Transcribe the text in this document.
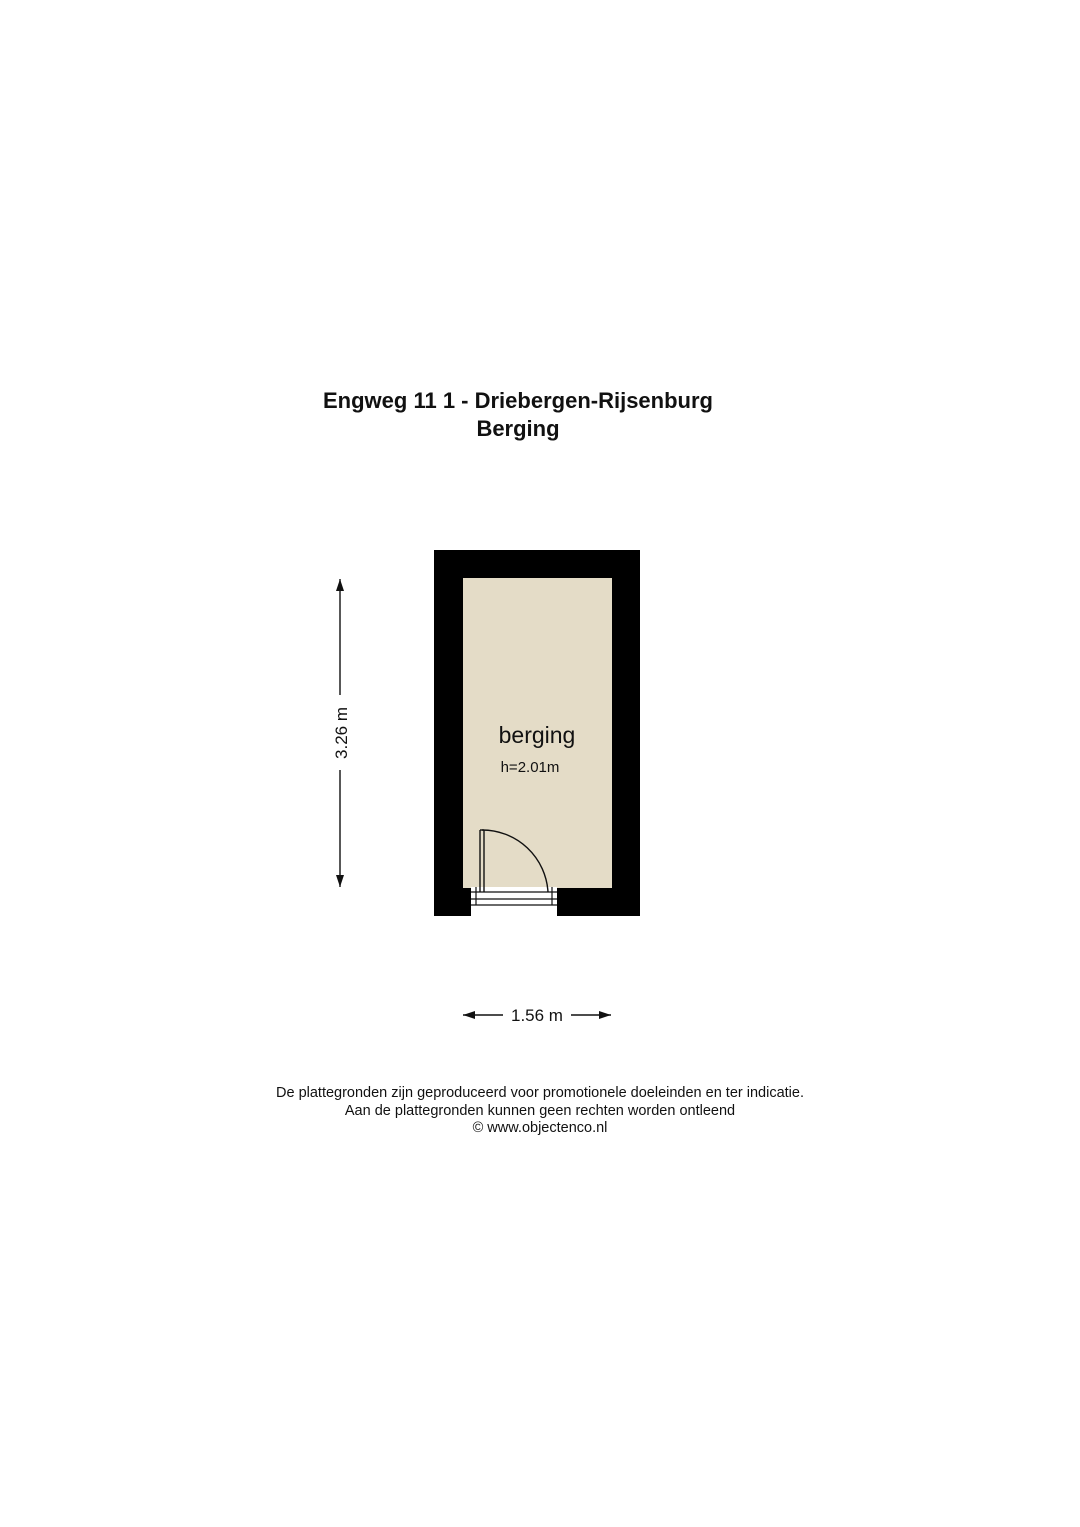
Engweg 11 1 - Driebergen-Rijsenburg
Berging
berging
h=2.01m
3.26 m
1.56 m
De plattegronden zijn geproduceerd voor promotionele doeleinden en ter indicatie.
Aan de plattegronden kunnen geen rechten worden ontleend
© www.objectenco.nl
